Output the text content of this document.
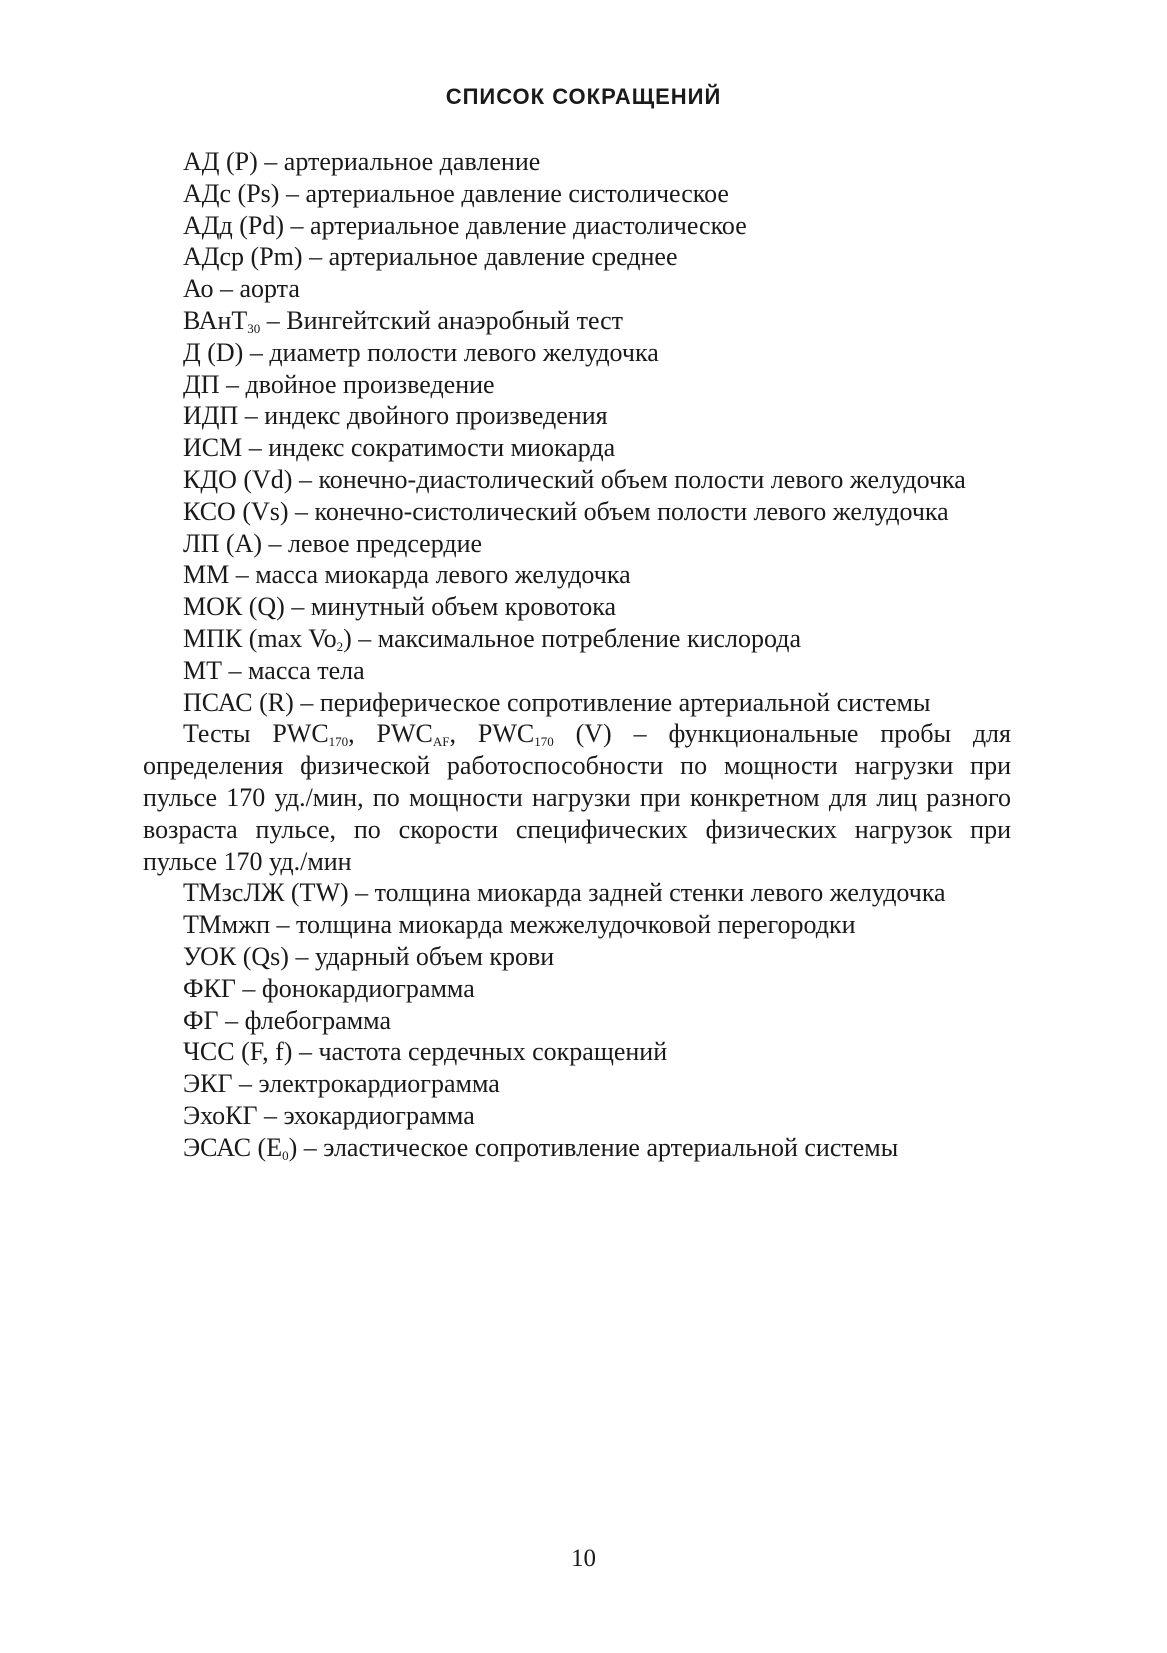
СПИСОК СОКРАЩЕНИЙ
АД (Р) – артериальное давление
АДс (Ps) – артериальное давление систолическое
АДд (Pd) – артериальное давление диастолическое
АДср (Pm) – артериальное давление среднее
Ао – аорта
ВАнТ$_{30}$ – Вингейтский анаэробный тест
Д (D) – диаметр полости левого желудочка
ДП – двойное произведение
ИДП – индекс двойного произведения
ИСМ – индекс сократимости миокарда
КДО (Vd) – конечно-диастолический объем полости левого желудочка
КСО (Vs) – конечно-систолический объем полости левого желудочка
ЛП (А) – левое предсердие
ММ – масса миокарда левого желудочка
МОК (Q) – минутный объем кровотока
МПК (max $Vo_2$) – максимальное потребление кислорода
МТ – масса тела
ПСАС (R) – периферическое сопротивление артериальной системы
Тесты $PWC_{170}$, $PWC_{AF}$, $PWC_{170}$ (V) – функциональные пробы для определения физической работоспособности по мощности нагрузки при пульсе 170 уд./мин, по мощности нагрузки при конкретном для лиц разного возраста пульсе, по скорости специфических физических нагрузок при пульсе 170 уд./мин
ТМзсЛЖ (TW) – толщина миокарда задней стенки левого желудочка
ТМмжп – толщина миокарда межжелудочковой перегородки
УОК (Qs) – ударный объем крови
ФКГ – фонокардиограмма
ФГ – флебограмма
ЧСС (F, f) – частота сердечных сокращений
ЭКГ – электрокардиограмма
ЭхоКГ – эхокардиограмма
ЭСАС $(E_0)$ – эластическое сопротивление артериальной системы
10
